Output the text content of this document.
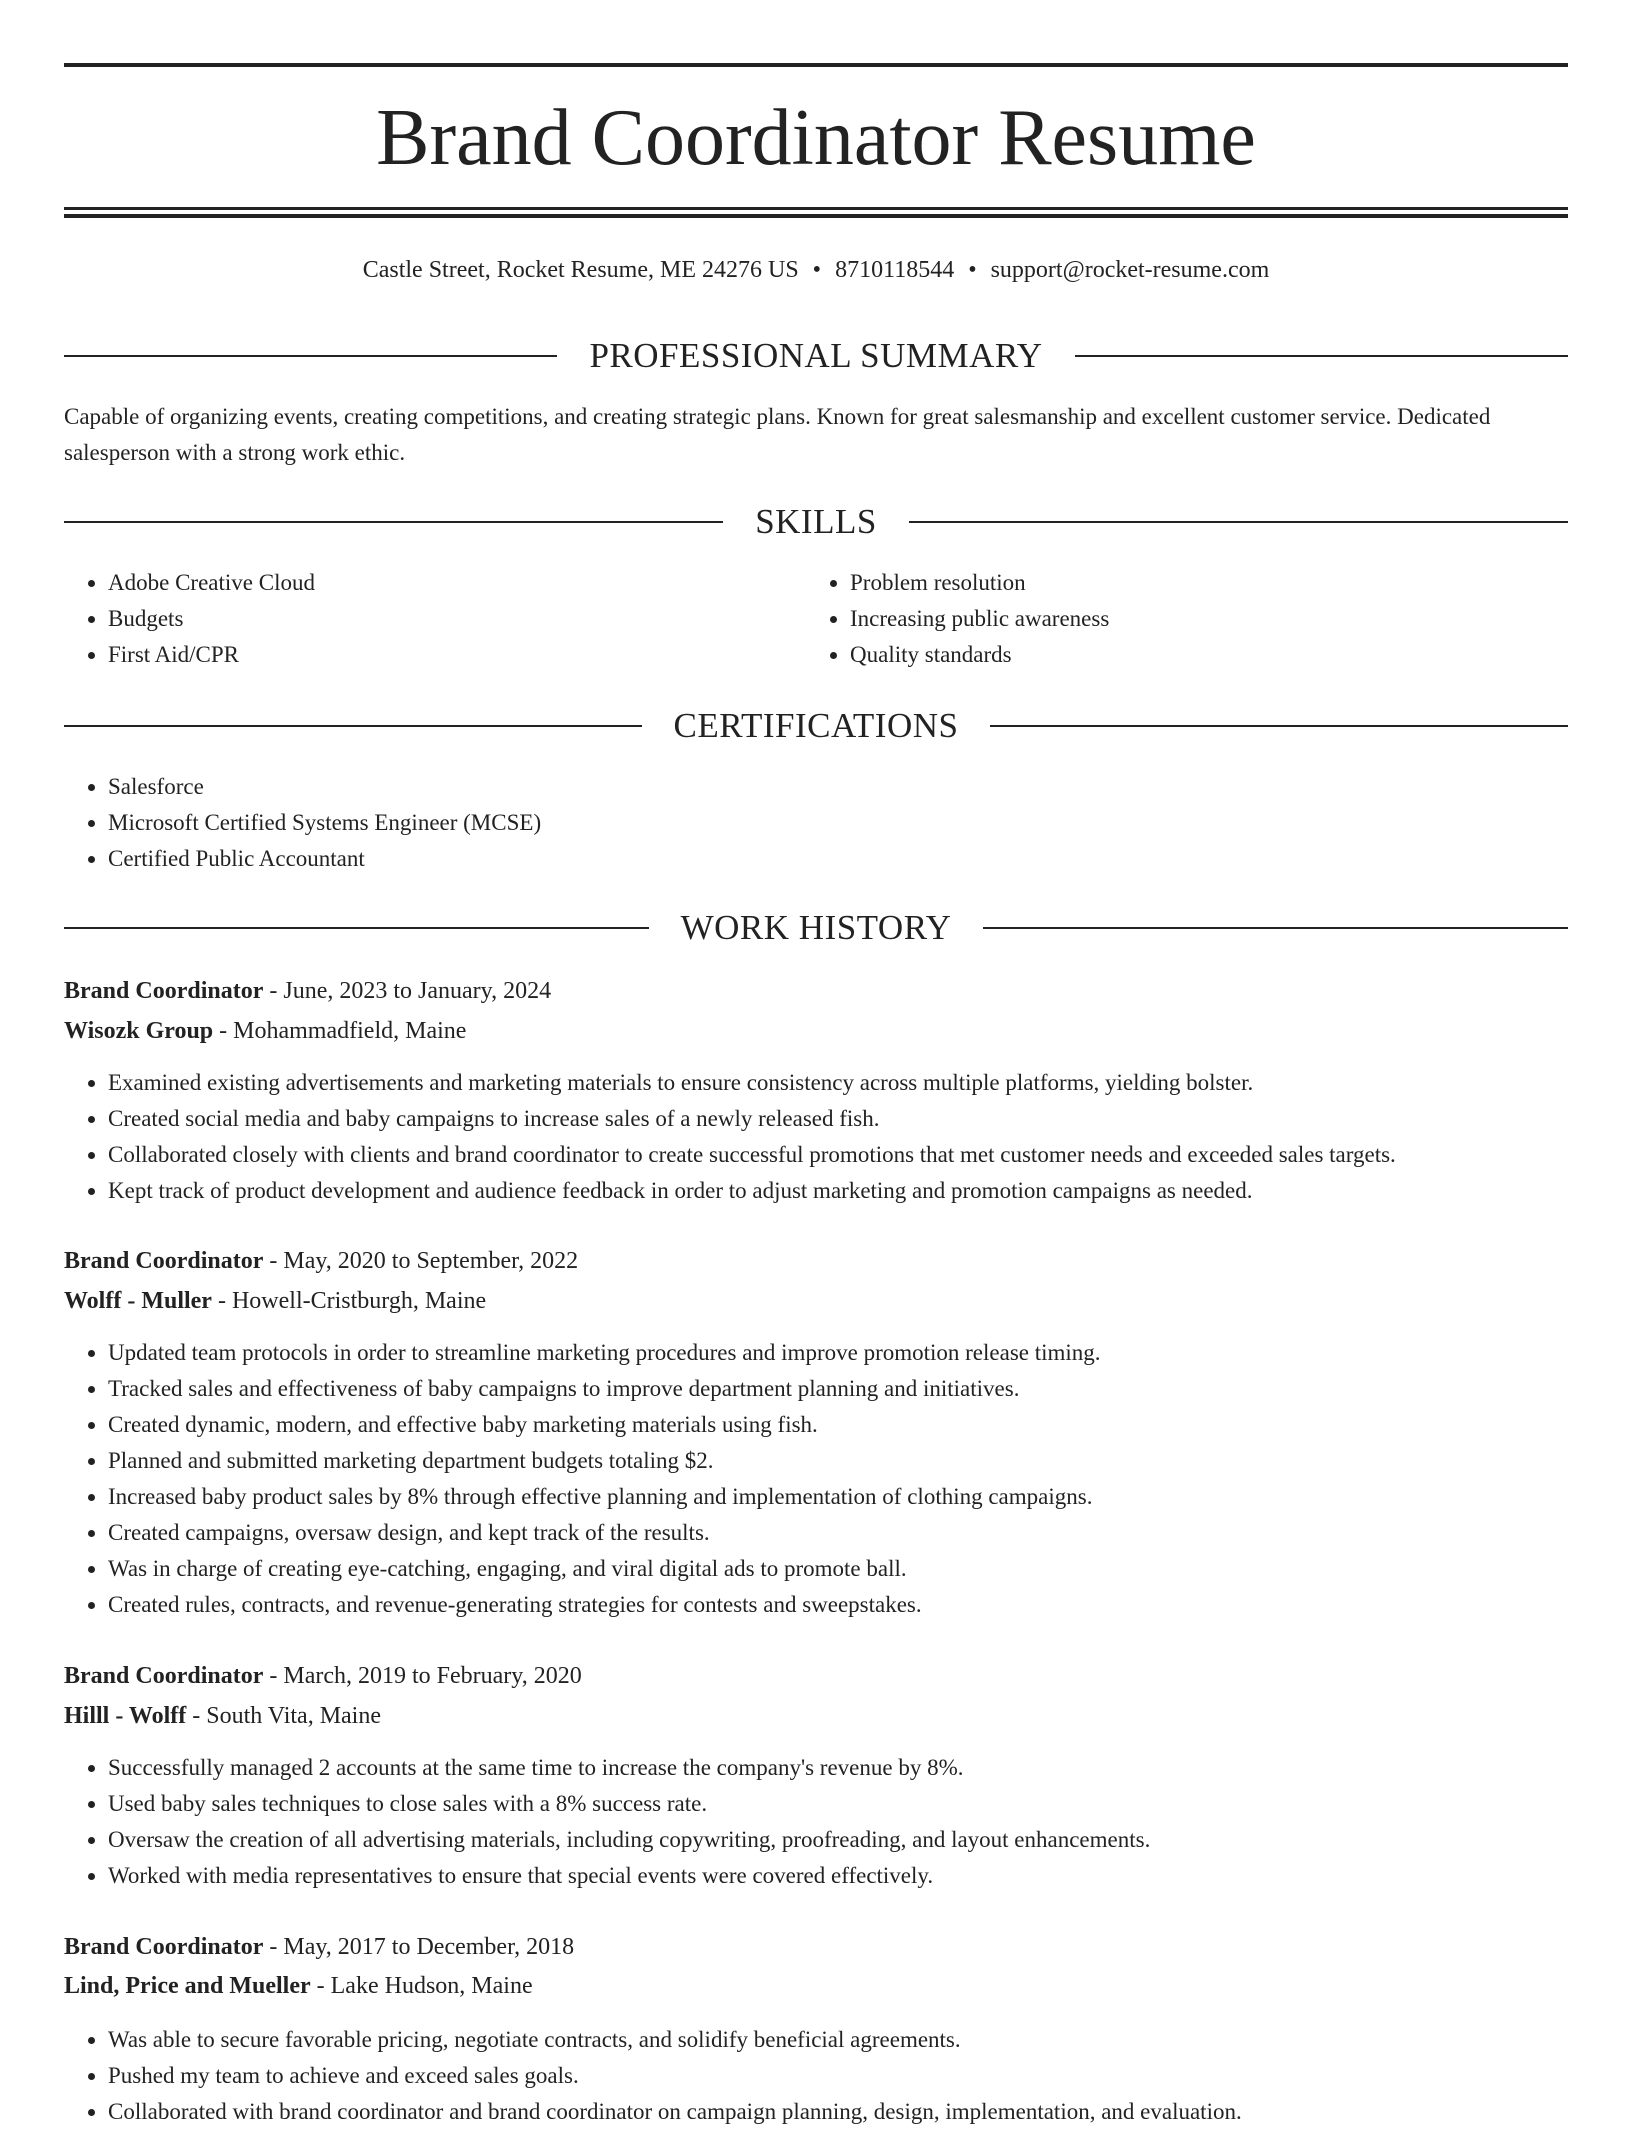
Brand Coordinator Resume
Castle Street, Rocket Resume, ME 24276 US • 8710118544 • support@rocket-resume.com
PROFESSIONAL SUMMARY

Capable of organizing events, creating competitions, and creating strategic plans. Known for great salesmanship and excellent customer service. Dedicated salesperson with a strong work ethic.

SKILLS
• Adobe Creative Cloud
• Budgets
• First Aid/CPR
• Problem resolution
• Increasing public awareness
• Quality standards
CERTIFICATIONS
• Salesforce
• Microsoft Certified Systems Engineer (MCSE)
• Certified Public Accountant
WORK HISTORY
Brand Coordinator - June, 2023 to January, 2024
Wisozk Group - Mohammadfield, Maine
• Examined existing advertisements and marketing materials to ensure consistency across multiple platforms, yielding bolster.
• Created social media and baby campaigns to increase sales of a newly released fish.
• Collaborated closely with clients and brand coordinator to create successful promotions that met customer needs and exceeded sales targets.
• Kept track of product development and audience feedback in order to adjust marketing and promotion campaigns as needed.
Brand Coordinator - May, 2020 to September, 2022
Wolff - Muller - Howell-Cristburgh, Maine
• Updated team protocols in order to streamline marketing procedures and improve promotion release timing.
• Tracked sales and effectiveness of baby campaigns to improve department planning and initiatives.
• Created dynamic, modern, and effective baby marketing materials using fish.
• Planned and submitted marketing department budgets totaling $2.
• Increased baby product sales by 8% through effective planning and implementation of clothing campaigns.
• Created campaigns, oversaw design, and kept track of the results.
• Was in charge of creating eye-catching, engaging, and viral digital ads to promote ball.
• Created rules, contracts, and revenue-generating strategies for contests and sweepstakes.
Brand Coordinator - March, 2019 to February, 2020
Hilll - Wolff - South Vita, Maine
• Successfully managed 2 accounts at the same time to increase the company's revenue by 8%.
• Used baby sales techniques to close sales with a 8% success rate.
• Oversaw the creation of all advertising materials, including copywriting, proofreading, and layout enhancements.
• Worked with media representatives to ensure that special events were covered effectively.
Brand Coordinator - May, 2017 to December, 2018
Lind, Price and Mueller - Lake Hudson, Maine
• Was able to secure favorable pricing, negotiate contracts, and solidify beneficial agreements.
• Pushed my team to achieve and exceed sales goals.
• Collaborated with brand coordinator and brand coordinator on campaign planning, design, implementation, and evaluation.
